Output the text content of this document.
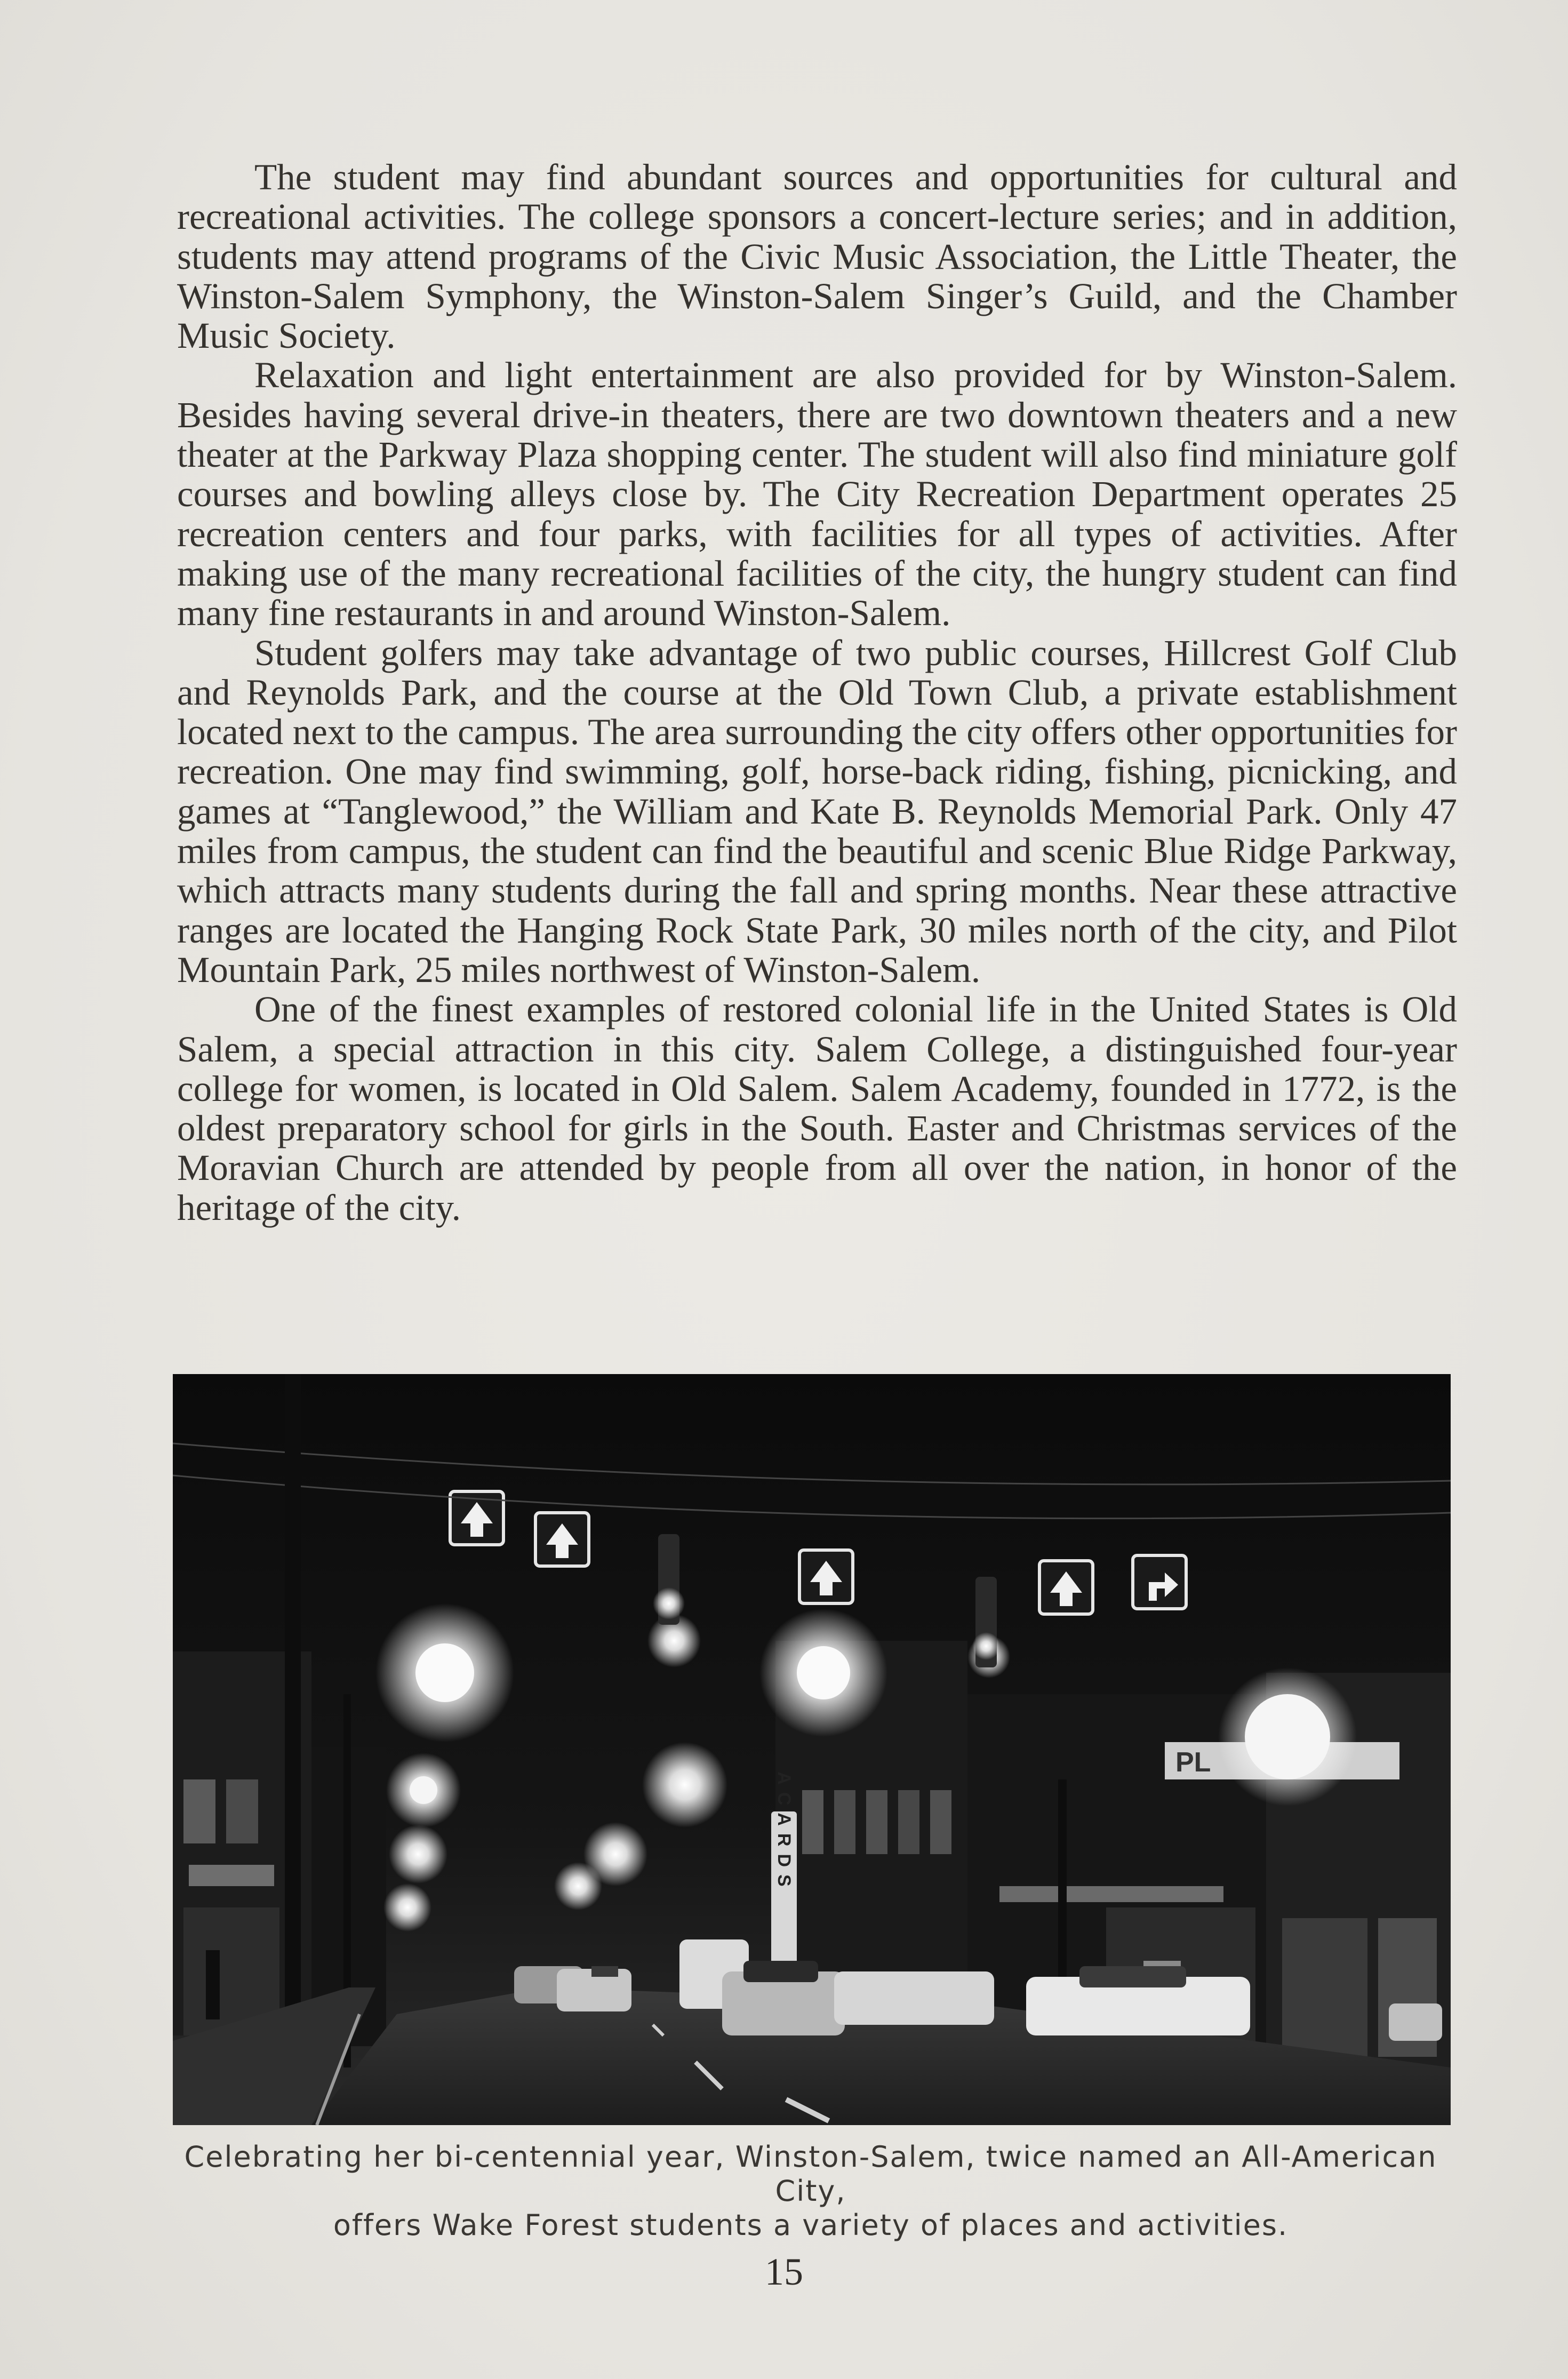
The student may find abundant sources and opportunities for cultural and recreational activities. The college sponsors a concert-lecture series; and in addition, students may attend programs of the Civic Music Association, the Little Theater, the Winston-Salem Symphony, the Winston-Salem Singer’s Guild, and the Chamber Music Society.

Relaxation and light entertainment are also provided for by Winston-Salem. Besides having several drive-in theaters, there are two downtown theaters and a new theater at the Parkway Plaza shopping center. The student will also find miniature golf courses and bowling alleys close by. The City Recreation Department operates 25 recreation centers and four parks, with facilities for all types of activities. After making use of the many recreational facilities of the city, the hungry student can find many fine restaurants in and around Winston-Salem.

Student golfers may take advantage of two public courses, Hillcrest Golf Club and Reynolds Park, and the course at the Old Town Club, a private establishment located next to the campus. The area surrounding the city offers other opportunities for recreation. One may find swimming, golf, horse-back riding, fishing, picnicking, and games at “Tanglewood,” the William and Kate B. Reynolds Memorial Park. Only 47 miles from campus, the student can find the beautiful and scenic Blue Ridge Parkway, which attracts many students during the fall and spring months. Near these attractive ranges are located the Hanging Rock State Park, 30 miles north of the city, and Pilot Mountain Park, 25 miles northwest of Winston-Salem.

One of the finest examples of restored colonial life in the United States is Old Salem, a special attraction in this city. Salem College, a distinguished four-year college for women, is located in Old Salem. Salem Academy, founded in 1772, is the oldest preparatory school for girls in the South. Easter and Christmas services of the Moravian Church are attended by people from all over the nation, in honor of the heritage of the city.

ACARDS
PL
Celebrating her bi-centennial year, Winston-Salem, twice named an All-American City,
offers Wake Forest students a variety of places and activities.
15
